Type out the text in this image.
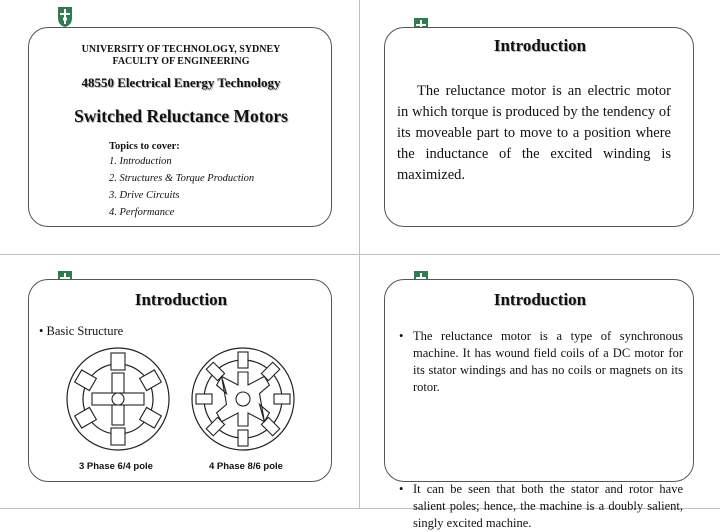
UNIVERSITY OF TECHNOLOGY, SYDNEY
FACULTY OF ENGINEERING
48550 Electrical Energy Technology
Switched Reluctance Motors
Topics to cover:
1. Introduction
2. Structures & Torque Production
3. Drive Circuits
4. Performance
Introduction
The reluctance motor is an electric motor in which torque is produced by the tendency of its moveable part to move to a position where the inductance of the excited winding is maximized.
Introduction
• Basic Structure
3 Phase 6/4 pole	4 Phase 8/6 pole
Introduction
• The reluctance motor is a type of synchronous machine. It has wound field coils of a DC motor for its stator windings and has no coils or magnets on its rotor.
• It can be seen that both the stator and rotor have salient poles; hence, the machine is a doubly salient, singly excited machine.
